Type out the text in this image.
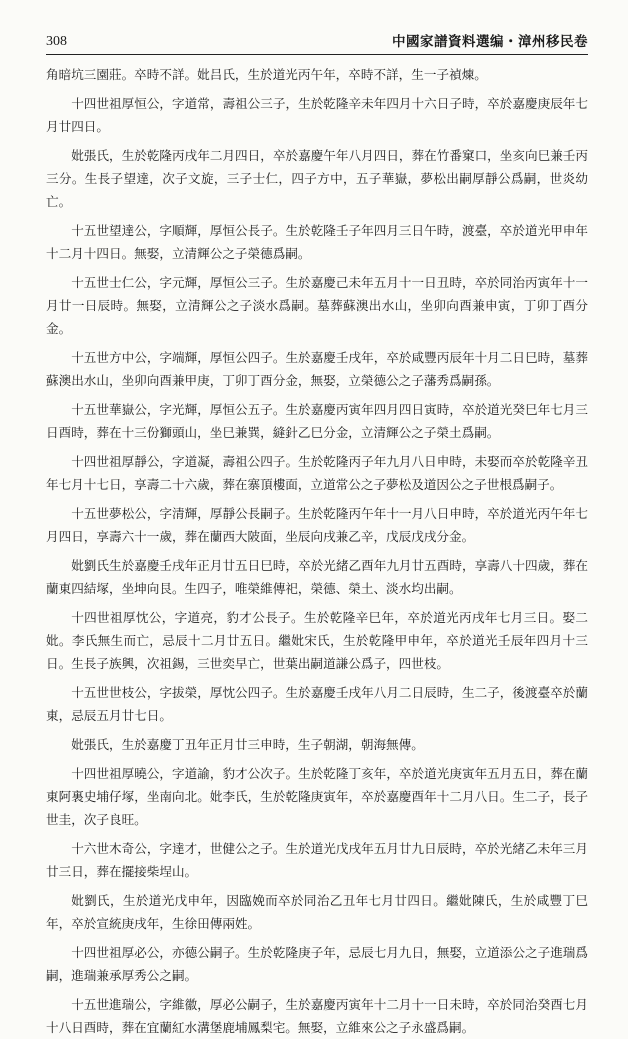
308	中國家譜資料選编・漳州移民卷

角暗坑三園莊。卒時不詳。妣吕氏，生於道光丙午年，卒時不詳，生一子禎煉。

十四世祖厚恒公，字道常，壽祖公三子，生於乾隆辛未年四月十六日子時，卒於嘉慶庚辰年七月廿四日。

妣張氏，生於乾隆丙戌年二月四日，卒於嘉慶午年八月四日，葬在竹番窠口，坐亥向巳兼壬丙三分。生長子望達，次子文旋，三子士仁，四子方中，五子華嶽，夢松出嗣厚靜公爲嗣，世炎幼亡。

十五世望達公，字順輝，厚恒公長子。生於乾隆壬子年四月三日午時，渡臺，卒於道光甲申年十二月十四日。無娶，立清輝公之子榮德爲嗣。

十五世士仁公，字元輝，厚恒公三子。生於嘉慶己未年五月十一日丑時，卒於同治丙寅年十一月廿一日辰時。無娶，立清輝公之子淡水爲嗣。墓葬蘇澳出水山，坐卯向酉兼申寅，丁卯丁酉分金。

十五世方中公，字端輝，厚恒公四子。生於嘉慶壬戌年，卒於咸豐丙辰年十月二日巳時，墓葬蘇澳出水山，坐卯向酉兼甲庚，丁卯丁酉分金，無娶，立榮德公之子藩秀爲嗣孫。

十五世華嶽公，字光輝，厚恒公五子。生於嘉慶丙寅年四月四日寅時，卒於道光癸巳年七月三日酉時，葬在十三份獅頭山，坐巳兼巽，縫針乙巳分金，立清輝公之子榮土爲嗣。

十四世祖厚靜公，字道凝，壽祖公四子。生於乾隆丙子年九月八日申時，未娶而卒於乾隆辛丑年七月十七日，享壽二十六歲，葬在寨頂樓面，立道常公之子夢松及道因公之子世根爲嗣子。

十五世夢松公，字清輝，厚靜公長嗣子。生於乾隆丙午年十一月八日申時，卒於道光丙午年七月四日，享壽六十一歲，葬在蘭西大陂面，坐辰向戌兼乙辛，戊辰戊戌分金。

妣劉氏生於嘉慶壬戌年正月廿五日巳時，卒於光緒乙酉年九月廿五酉時，享壽八十四歲，葬在蘭東四結塚，坐坤向艮。生四子，唯榮維傳祀，榮德、榮土、淡水均出嗣。

十四世祖厚忱公，字道亮，豹才公長子。生於乾隆辛巳年，卒於道光丙戌年七月三日。娶二妣。李氏無生而亡，忌辰十二月廿五日。繼妣宋氏，生於乾隆甲申年，卒於道光壬辰年四月十三日。生長子族興，次祖錫，三世奕早亡，世葉出嗣道謙公爲子，四世枝。

十五世世枝公，字拔榮，厚忱公四子。生於嘉慶壬戌年八月二日辰時，生二子，後渡臺卒於蘭東，忌辰五月廿七日。

妣張氏，生於嘉慶丁丑年正月廿三申時，生子朝湖，朝海無傳。

十四世祖厚曉公，字道諭，豹才公次子。生於乾隆丁亥年，卒於道光庚寅年五月五日，葬在蘭東阿裏史埔仔塚，坐南向北。妣李氏，生於乾隆庚寅年，卒於嘉慶酉年十二月八日。生二子，長子世圭，次子良旺。

十六世木奇公，字達才，世健公之子。生於道光戊戌年五月廿九日辰時，卒於光緒乙未年三月廿三日，葬在擺接柴埕山。

妣劉氏，生於道光戊申年，因臨娩而卒於同治乙丑年七月廿四日。繼妣陳氏，生於咸豐丁巳年，卒於宣統庚戌年，生徐田傳兩姓。

十四世祖厚必公，亦德公嗣子。生於乾隆庚子年，忌辰七月九日，無娶，立道添公之子進瑞爲嗣，進瑞兼承厚秀公之嗣。

十五世進瑞公，字維徽，厚必公嗣子，生於嘉慶丙寅年十二月十一日未時，卒於同治癸酉七月十八日酉時，葬在宜蘭紅水溝堡鹿埔鳳梨宅。無娶，立維來公之子永盛爲嗣。
